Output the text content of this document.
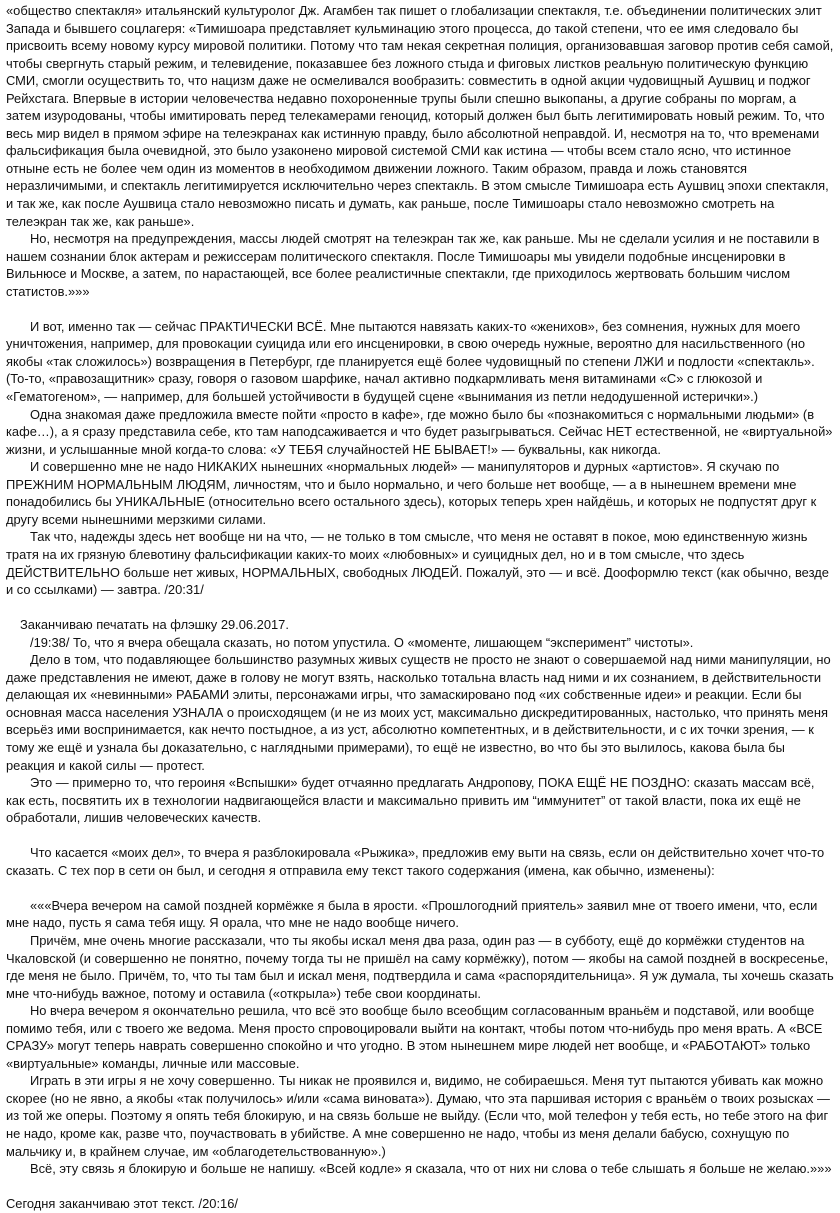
«общество спектакля» итальянский культуролог Дж. Агамбен так пишет о глобализации спектакля, т.е. объединении политических элит Запада и бывшего соцлагеря: «Тимишоара представляет кульминацию этого процесса, до такой степени, что ее имя следовало бы присвоить всему новому курсу мировой политики. Потому что там некая секретная полиция, организовавшая заговор против себя самой, чтобы свергнуть старый режим, и телевидение, показавшее без ложного стыда и фиговых листков реальную политическую функцию СМИ, смогли осуществить то, что нацизм даже не осмеливался вообразить: совместить в одной акции чудовищный Аушвиц и поджог Рейхстага. Впервые в истории человечества недавно похороненные трупы были спешно выкопаны, а другие собраны по моргам, а затем изуродованы, чтобы имитировать перед телекамерами геноцид, который должен был быть легитимировать новый режим. То, что весь мир видел в прямом эфире на телеэкранах как истинную правду, было абсолютной неправдой. И, несмотря на то, что временами фальсификация была очевидной, это было узаконено мировой системой СМИ как истина — чтобы всем стало ясно, что истинное отныне есть не более чем один из моментов в необходимом движении ложного. Таким образом, правда и ложь становятся неразличимыми, и спектакль легитимируется исключительно через спектакль. В этом смысле Тимишоара есть Аушвиц эпохи спектакля, и так же, как после Аушвица стало невозможно писать и думать, как раньше, после Тимишоары стало невозможно смотреть на телеэкран так же, как раньше».

Но, несмотря на предупреждения, массы людей смотрят на телеэкран так же, как раньше. Мы не сделали усилия и не поставили в нашем сознании блок актерам и режиссерам политического спектакля. После Тимишоары мы увидели подобные инсценировки в Вильнюсе и Москве, а затем, по нарастающей, все более реалистичные спектакли, где приходилось жертвовать большим числом статистов.»»»

И вот, именно так — сейчас ПРАКТИЧЕСКИ ВСЁ. Мне пытаются навязать каких-то «женихов», без сомнения, нужных для моего уничтожения, например, для провокации суицида или его инсценировки, в свою очередь нужные, вероятно для насильственного (но якобы «так сложилось») возвращения в Петербург, где планируется ещё более чудовищный по степени ЛЖИ и подлости «спектакль». (То-то, «правозащитник» сразу, говоря о газовом шарфике, начал активно подкармливать меня витаминами «С» с глюкозой и «Гематогеном», — например, для большей устойчивости в будущей сцене «вынимания из петли недодушенной истерички».)

Одна знакомая даже предложила вместе пойти «просто в кафе», где можно было бы «познакомиться с нормальными людьми» (в кафе…), а я сразу представила себе, кто там наподсаживается и что будет разыгрываться. Сейчас НЕТ естественной, не «виртуальной» жизни, и услышанные мной когда-то слова: «У ТЕБЯ случайностей НЕ БЫВАЕТ!» — буквальны, как никогда.

И совершенно мне не надо НИКАКИХ нынешних «нормальных людей» — манипуляторов и дурных «артистов». Я скучаю по ПРЕЖНИМ НОРМАЛЬНЫМ ЛЮДЯМ, личностям, что и было нормально, и чего больше нет вообще, — а в нынешнем времени мне понадобились бы УНИКАЛЬНЫЕ (относительно всего остального здесь), которых теперь хрен найдёшь, и которых не подпустят друг к другу всеми нынешними мерзкими силами.

Так что, надежды здесь нет вообще ни на что, — не только в том смысле, что меня не оставят в покое, мою единственную жизнь тратя на их грязную блевотину фальсификации каких-то моих «любовных» и суицидных дел, но и в том смысле, что здесь ДЕЙСТВИТЕЛЬНО больше нет живых, НОРМАЛЬНЫХ, свободных ЛЮДЕЙ. Пожалуй, это — и всё. Дооформлю текст (как обычно, везде и со ссылками) — завтра. /20:31/

Заканчиваю печатать на флэшку 29.06.2017.

/19:38/ То, что я вчера обещала сказать, но потом упустила. О «моменте, лишающем “эксперимент” чистоты».

Дело в том, что подавляющее большинство разумных живых существ не просто не знают о совершаемой над ними манипуляции, но даже представления не имеют, даже в голову не могут взять, насколько тотальна власть над ними и их сознанием, в действительности делающая их «невинными» РАБАМИ элиты, персонажами игры, что замаскировано под «их собственные идеи» и реакции. Если бы основная масса населения УЗНАЛА о происходящем (и не из моих уст, максимально дискредитированных, настолько, что принять меня всерьёз ими воспринимается, как нечто постыдное, а из уст, абсолютно компетентных, и в действительности, и с их точки зрения, — к тому же ещё и узнала бы доказательно, с наглядными примерами), то ещё не известно, во что бы это вылилось, какова была бы реакция и какой силы — протест.

Это — примерно то, что героиня «Вспышки» будет отчаянно предлагать Андропову, ПОКА ЕЩЁ НЕ ПОЗДНО: сказать массам всё, как есть, посвятить их в технологии надвигающейся власти и максимально привить им “иммунитет” от такой власти, пока их ещё не обработали, лишив человеческих качеств.

Что касается «моих дел», то вчера я разблокировала «Рыжика», предложив ему выти на связь, если он действительно хочет что-то сказать. С тех пор в сети он был, и сегодня я отправила ему текст такого содержания (имена, как обычно, изменены):

«««Вчера вечером на самой поздней кормёжке я была в ярости. «Прошлогодний приятель» заявил мне от твоего имени, что, если мне надо, пусть я сама тебя ищу. Я орала, что мне не надо вообще ничего.

Причём, мне очень многие рассказали, что ты якобы искал меня два раза, один раз — в субботу, ещё до кормёжки студентов на Чкаловской (и совершенно не понятно, почему тогда ты не пришёл на саму кормёжку), потом — якобы на самой поздней в воскресенье, где меня не было. Причём, то, что ты там был и искал меня, подтвердила и сама «распорядительница». Я уж думала, ты хочешь сказать мне что-нибудь важное, потому и оставила («открыла») тебе свои координаты.

Но вчера вечером я окончательно решила, что всё это вообще было всеобщим согласованным враньём и подставой, или вообще помимо тебя, или с твоего же ведома. Меня просто спровоцировали выйти на контакт, чтобы потом что-нибудь про меня врать. А «ВСЕ СРАЗУ» могут теперь наврать совершенно спокойно и что угодно. В этом нынешнем мире людей нет вообще, и «РАБОТАЮТ» только «виртуальные» команды, личные или массовые.

Играть в эти игры я не хочу совершенно. Ты никак не проявился и, видимо, не собираешься. Меня тут пытаются убивать как можно скорее (но не явно, а якобы «так получилось» и/или «сама виновата»). Думаю, что эта паршивая история с враньём о твоих розысках — из той же оперы. Поэтому я опять тебя блокирую, и на связь больше не выйду. (Если что, мой телефон у тебя есть, но тебе этого на фиг не надо, кроме как, разве что, поучаствовать в убийстве. А мне совершенно не надо, чтобы из меня делали бабусю, сохнущую по мальчику и, в крайнем случае, им «облагодетельствованную».)

Всё, эту связь я блокирую и больше не напишу. «Всей кодле» я сказала, что от них ни слова о тебе слышать я больше не желаю.»»»

Сегодня заканчиваю этот текст. /20:16/
